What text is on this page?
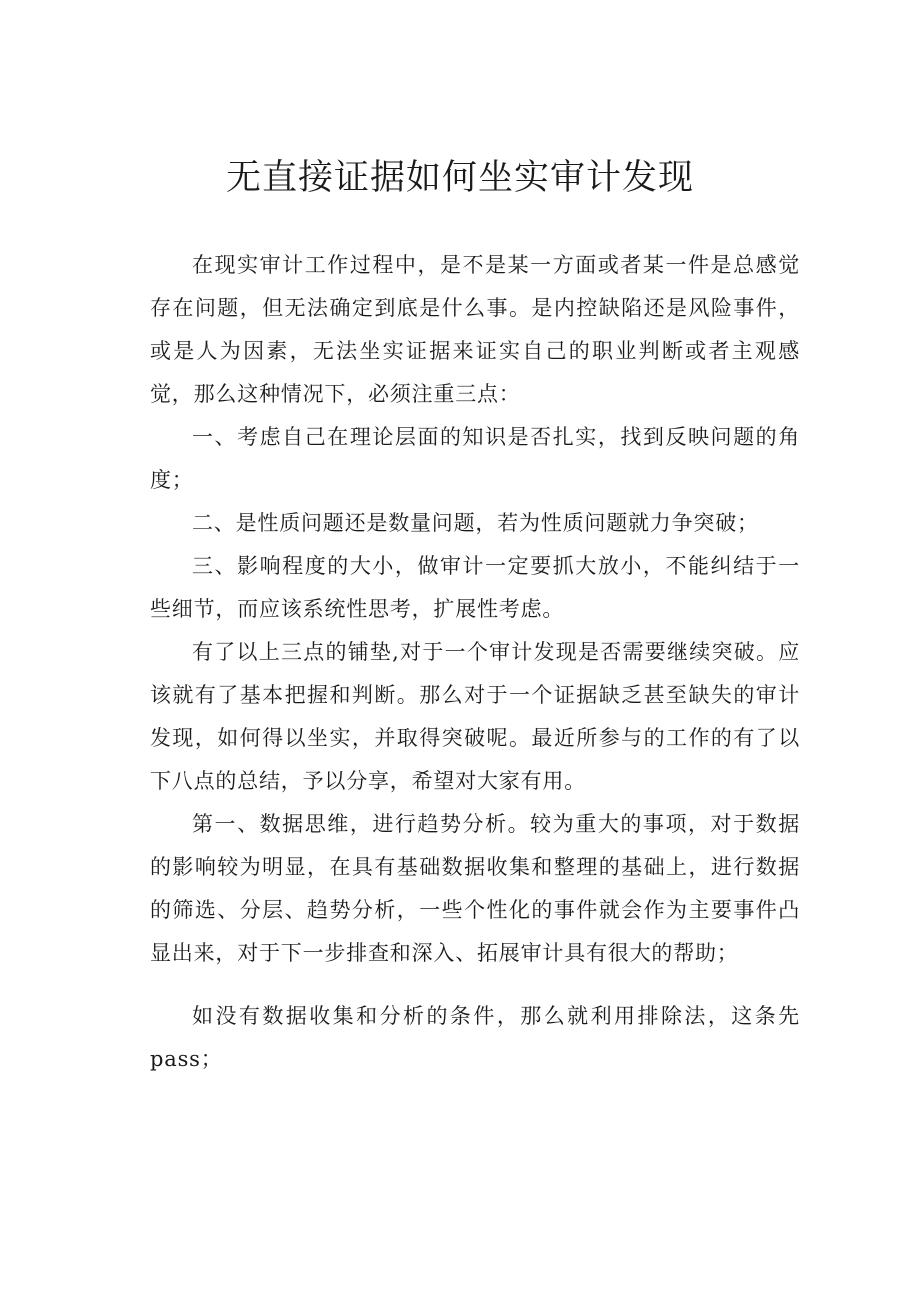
无直接证据如何坐实审计发现

在现实审计工作过程中，是不是某一方面或者某一件是总感觉存在问题，但无法确定到底是什么事。是内控缺陷还是风险事件，或是人为因素，无法坐实证据来证实自己的职业判断或者主观感觉，那么这种情况下，必须注重三点：

一、考虑自己在理论层面的知识是否扎实，找到反映问题的角度；

二、是性质问题还是数量问题，若为性质问题就力争突破；

三、影响程度的大小，做审计一定要抓大放小，不能纠结于一些细节，而应该系统性思考，扩展性考虑。

有了以上三点的铺垫,对于一个审计发现是否需要继续突破。应该就有了基本把握和判断。那么对于一个证据缺乏甚至缺失的审计发现，如何得以坐实，并取得突破呢。最近所参与的工作的有了以下八点的总结，予以分享，希望对大家有用。

第一、数据思维，进行趋势分析。较为重大的事项，对于数据的影响较为明显，在具有基础数据收集和整理的基础上，进行数据的筛选、分层、趋势分析，一些个性化的事件就会作为主要事件凸显出来，对于下一步排查和深入、拓展审计具有很大的帮助；

如没有数据收集和分析的条件，那么就利用排除法，这条先pass；
